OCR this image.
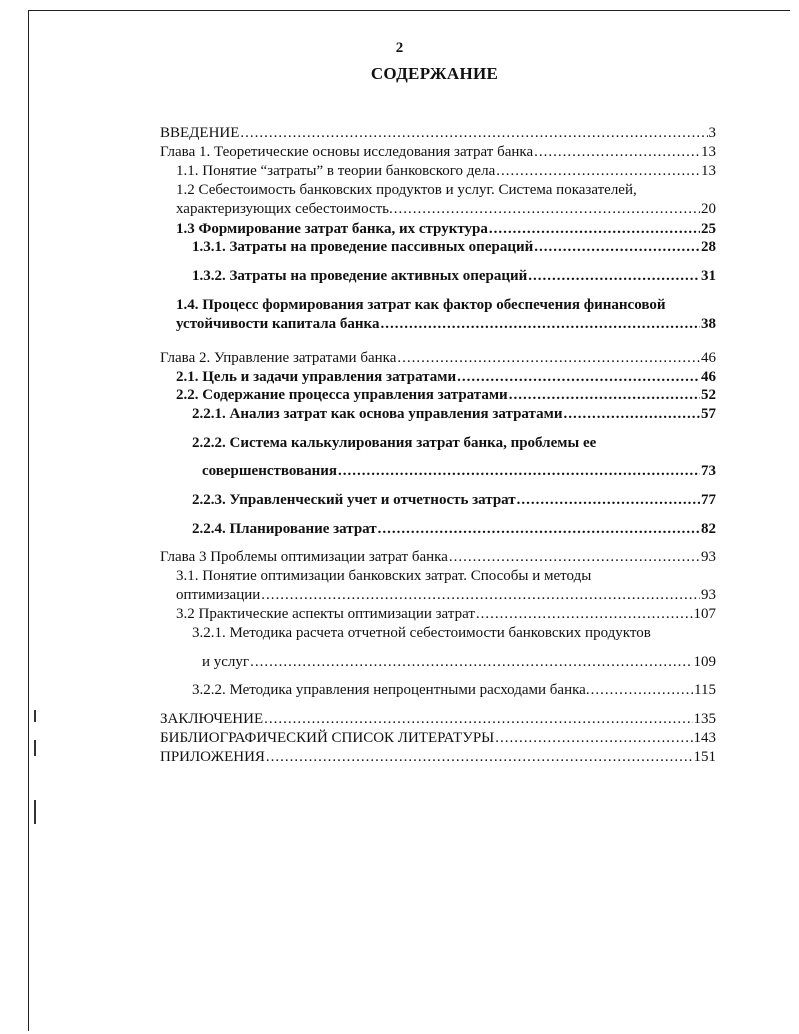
2
СОДЕРЖАНИЕ
ВВЕДЕНИЕ .....	3
Глава 1. Теоретические основы исследования затрат банка .....	13
1.1. Понятие “затраты” в теории банковского дела .....	13
1.2 Себестоимость банковских продуктов и услуг. Система показателей,
характеризующих себестоимость. .....	20
1.3 Формирование затрат банка, их структура .....	25
1.3.1. Затраты на проведение пассивных операций .....	28
1.3.2. Затраты на проведение активных операций .....	31
1.4. Процесс формирования затрат как фактор обеспечения финансовой
устойчивости капитала банка .....	38
Глава 2. Управление затратами банка .....	46
2.1. Цель и задачи управления затратами .....	46
2.2. Содержание процесса управления затратами .....	52
2.2.1. Анализ затрат как основа управления затратами .....	57
2.2.2. Система калькулирования затрат банка, проблемы ее
совершенствования .....	73
2.2.3. Управленческий учет и отчетность затрат .....	77
2.2.4. Планирование затрат .....	82
Глава 3 Проблемы оптимизации затрат банка .....	93
3.1. Понятие оптимизации банковских затрат. Способы и методы
оптимизации .....	93
3.2 Практические аспекты оптимизации затрат .....	107
3.2.1. Методика расчета отчетной себестоимости банковских продуктов
и услуг .....	109
3.2.2. Методика управления непроцентными расходами банка. .....	115
ЗАКЛЮЧЕНИЕ .....	135
БИБЛИОГРАФИЧЕСКИЙ СПИСОК ЛИТЕРАТУРЫ .....	143
ПРИЛОЖЕНИЯ .....	151
